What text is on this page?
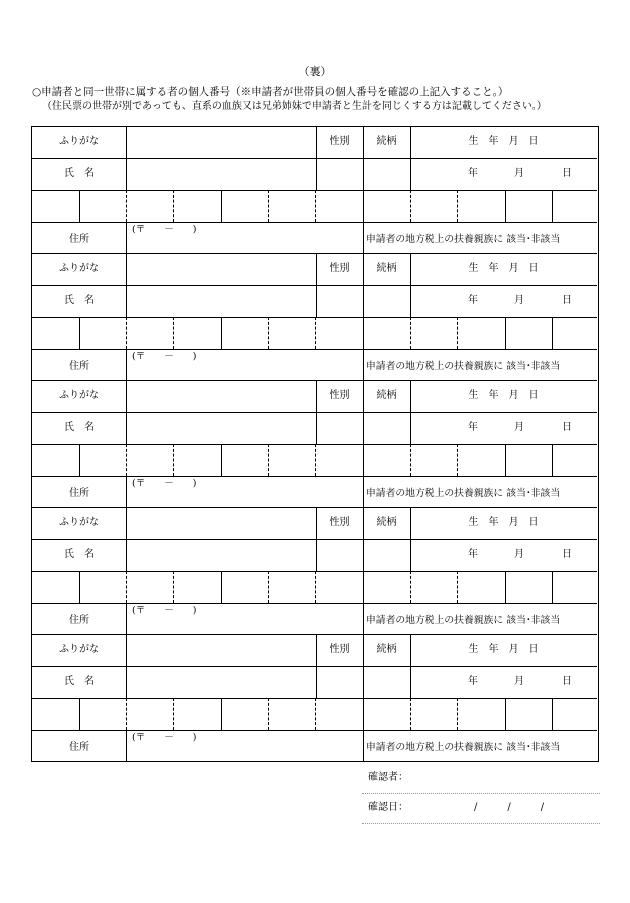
（裏）
○申請者と同一世帯に属する者の個人番号（※申請者が世帯員の個人番号を確認の上記入すること。）
（住民票の世帯が別であっても、直系の血族又は兄弟姉妹で申請者と生計を同じくする方は記載してください。）
ふりがな	性別	続柄	生　年　月　日
氏　名	年	月	日
住所
(〒　　－　　)
申請者の地方税上の扶養親族に 該当･非該当
ふりがな	性別	続柄	生　年　月　日
氏　名	年	月	日
住所
(〒　　－　　)
申請者の地方税上の扶養親族に 該当･非該当
ふりがな	性別	続柄	生　年　月　日
氏　名	年	月	日
住所
(〒　　－　　)
申請者の地方税上の扶養親族に 該当･非該当
ふりがな	性別	続柄	生　年　月　日
氏　名	年	月	日
住所
(〒　　－　　)
申請者の地方税上の扶養親族に 該当･非該当
ふりがな	性別	続柄	生　年　月　日
氏　名	年	月	日
住所
(〒　　－　　)
申請者の地方税上の扶養親族に 該当･非該当
確認者：
確認日：	/　　　/　　　/
